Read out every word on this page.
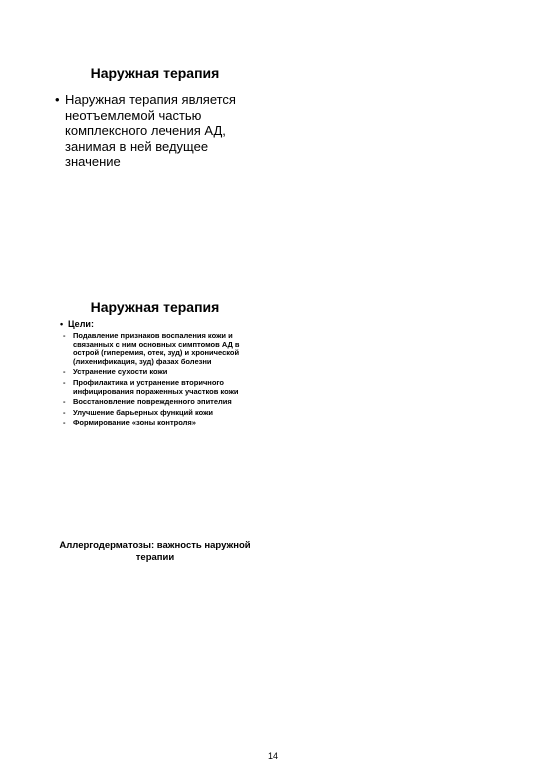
Наружная терапия
• Наружная терапия является неотъемлемой частью комплексного лечения АД, занимая в ней ведущее значение
Наружная терапия
• Цели:
- Подавление признаков воспаления кожи и связанных с ним основных симптомов АД в острой (гиперемия, отек, зуд) и хронической (лихенификация, зуд) фазах болезни
- Устранение сухости кожи
- Профилактика и устранение вторичного инфицирования пораженных участков кожи
- Восстановление поврежденного эпителия
- Улучшение барьерных функций кожи
- Формирование «зоны контроля»
Аллергодерматозы: важность наружной терапии
14
